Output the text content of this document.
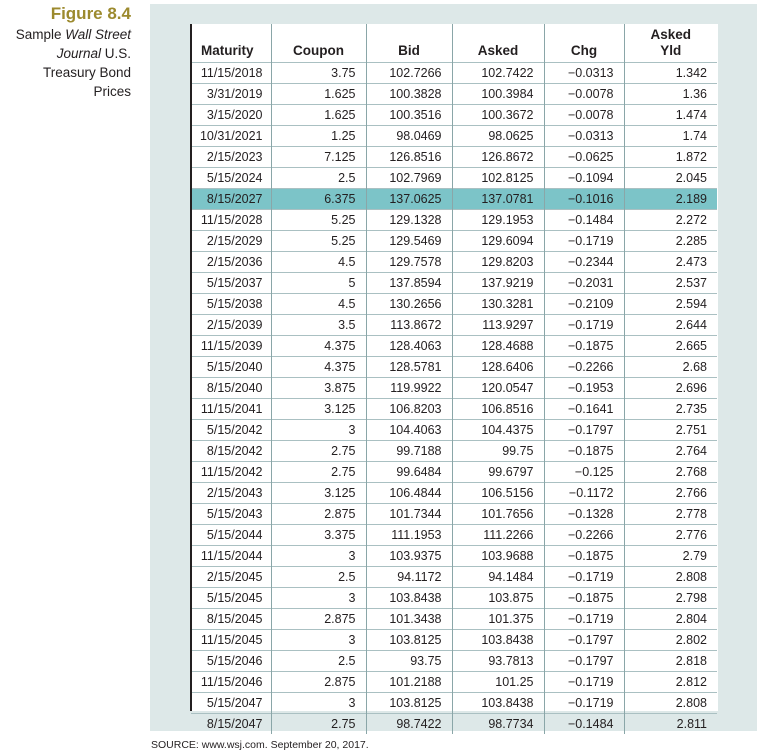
Figure 8.4
Sample Wall Street
Journal U.S.
Treasury Bond
Prices
Maturity	Coupon	Bid	Asked	Chg	Asked
Yld
11/15/2018	3.75	102.7266	102.7422	−0.0313	1.342
3/31/2019	1.625	100.3828	100.3984	−0.0078	1.36
3/15/2020	1.625	100.3516	100.3672	−0.0078	1.474
10/31/2021	1.25	98.0469	98.0625	−0.0313	1.74
2/15/2023	7.125	126.8516	126.8672	−0.0625	1.872
5/15/2024	2.5	102.7969	102.8125	−0.1094	2.045
8/15/2027	6.375	137.0625	137.0781	−0.1016	2.189
11/15/2028	5.25	129.1328	129.1953	−0.1484	2.272
2/15/2029	5.25	129.5469	129.6094	−0.1719	2.285
2/15/2036	4.5	129.7578	129.8203	−0.2344	2.473
5/15/2037	5	137.8594	137.9219	−0.2031	2.537
5/15/2038	4.5	130.2656	130.3281	−0.2109	2.594
2/15/2039	3.5	113.8672	113.9297	−0.1719	2.644
11/15/2039	4.375	128.4063	128.4688	−0.1875	2.665
5/15/2040	4.375	128.5781	128.6406	−0.2266	2.68
8/15/2040	3.875	119.9922	120.0547	−0.1953	2.696
11/15/2041	3.125	106.8203	106.8516	−0.1641	2.735
5/15/2042	3	104.4063	104.4375	−0.1797	2.751
8/15/2042	2.75	99.7188	99.75	−0.1875	2.764
11/15/2042	2.75	99.6484	99.6797	−0.125	2.768
2/15/2043	3.125	106.4844	106.5156	−0.1172	2.766
5/15/2043	2.875	101.7344	101.7656	−0.1328	2.778
5/15/2044	3.375	111.1953	111.2266	−0.2266	2.776
11/15/2044	3	103.9375	103.9688	−0.1875	2.79
2/15/2045	2.5	94.1172	94.1484	−0.1719	2.808
5/15/2045	3	103.8438	103.875	−0.1875	2.798
8/15/2045	2.875	101.3438	101.375	−0.1719	2.804
11/15/2045	3	103.8125	103.8438	−0.1797	2.802
5/15/2046	2.5	93.75	93.7813	−0.1797	2.818
11/15/2046	2.875	101.2188	101.25	−0.1719	2.812
5/15/2047	3	103.8125	103.8438	−0.1719	2.808
8/15/2047	2.75	98.7422	98.7734	−0.1484	2.811
SOURCE: www.wsj.com. September 20, 2017.
